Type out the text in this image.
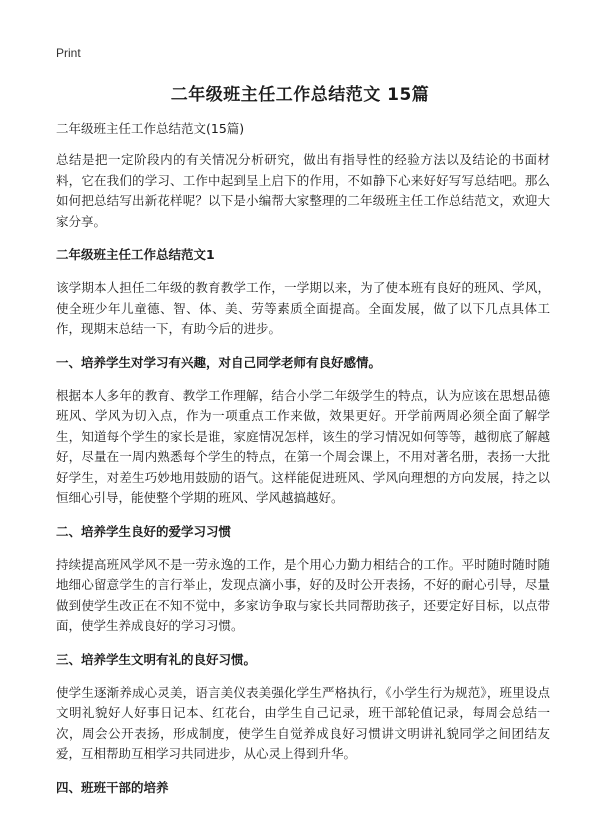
Print
二年级班主任工作总结范文 15篇

二年级班主任工作总结范文(15篇)

总结是把一定阶段内的有关情况分析研究，做出有指导性的经验方法以及结论的书面材料，它在我们的学习、工作中起到呈上启下的作用，不如静下心来好好写写总结吧。那么如何把总结写出新花样呢？以下是小编帮大家整理的二年级班主任工作总结范文，欢迎大家分享。

二年级班主任工作总结范文1

该学期本人担任二年级的教育教学工作，一学期以来，为了使本班有良好的班风、学风，使全班少年儿童德、智、体、美、劳等素质全面提高。全面发展，做了以下几点具体工作，现期末总结一下，有助今后的进步。

一、培养学生对学习有兴趣，对自己同学老师有良好感情。

根据本人多年的教育、教学工作理解，结合小学二年级学生的特点，认为应该在思想品德班风、学风为切入点，作为一项重点工作来做，效果更好。开学前两周必须全面了解学生，知道每个学生的家长是谁，家庭情况怎样，该生的学习情况如何等等，越彻底了解越好，尽量在一周内熟悉每个学生的特点，在第一个周会课上，不用对著名册，表扬一大批好学生，对差生巧妙地用鼓励的语气。这样能促进班风、学风向理想的方向发展，持之以恒细心引导，能使整个学期的班风、学风越搞越好。

二、培养学生良好的爱学习习惯

持续提高班风学风不是一劳永逸的工作，是个用心力勤力相结合的工作。平时随时随时随地细心留意学生的言行举止，发现点滴小事，好的及时公开表扬，不好的耐心引导，尽量做到使学生改正在不知不觉中，多家访争取与家长共同帮助孩子，还要定好目标，以点带面，使学生养成良好的学习习惯。

三、培养学生文明有礼的良好习惯。

使学生逐渐养成心灵美，语言美仪表美强化学生严格执行，《小学生行为规范》，班里设点文明礼貌好人好事日记本、红花台，由学生自己记录，班干部轮值记录，每周会总结一次，周会公开表扬，形成制度，使学生自觉养成良好习惯讲文明讲礼貌同学之间团结友爱，互相帮助互相学习共同进步，从心灵上得到升华。

四、班班干部的培养
